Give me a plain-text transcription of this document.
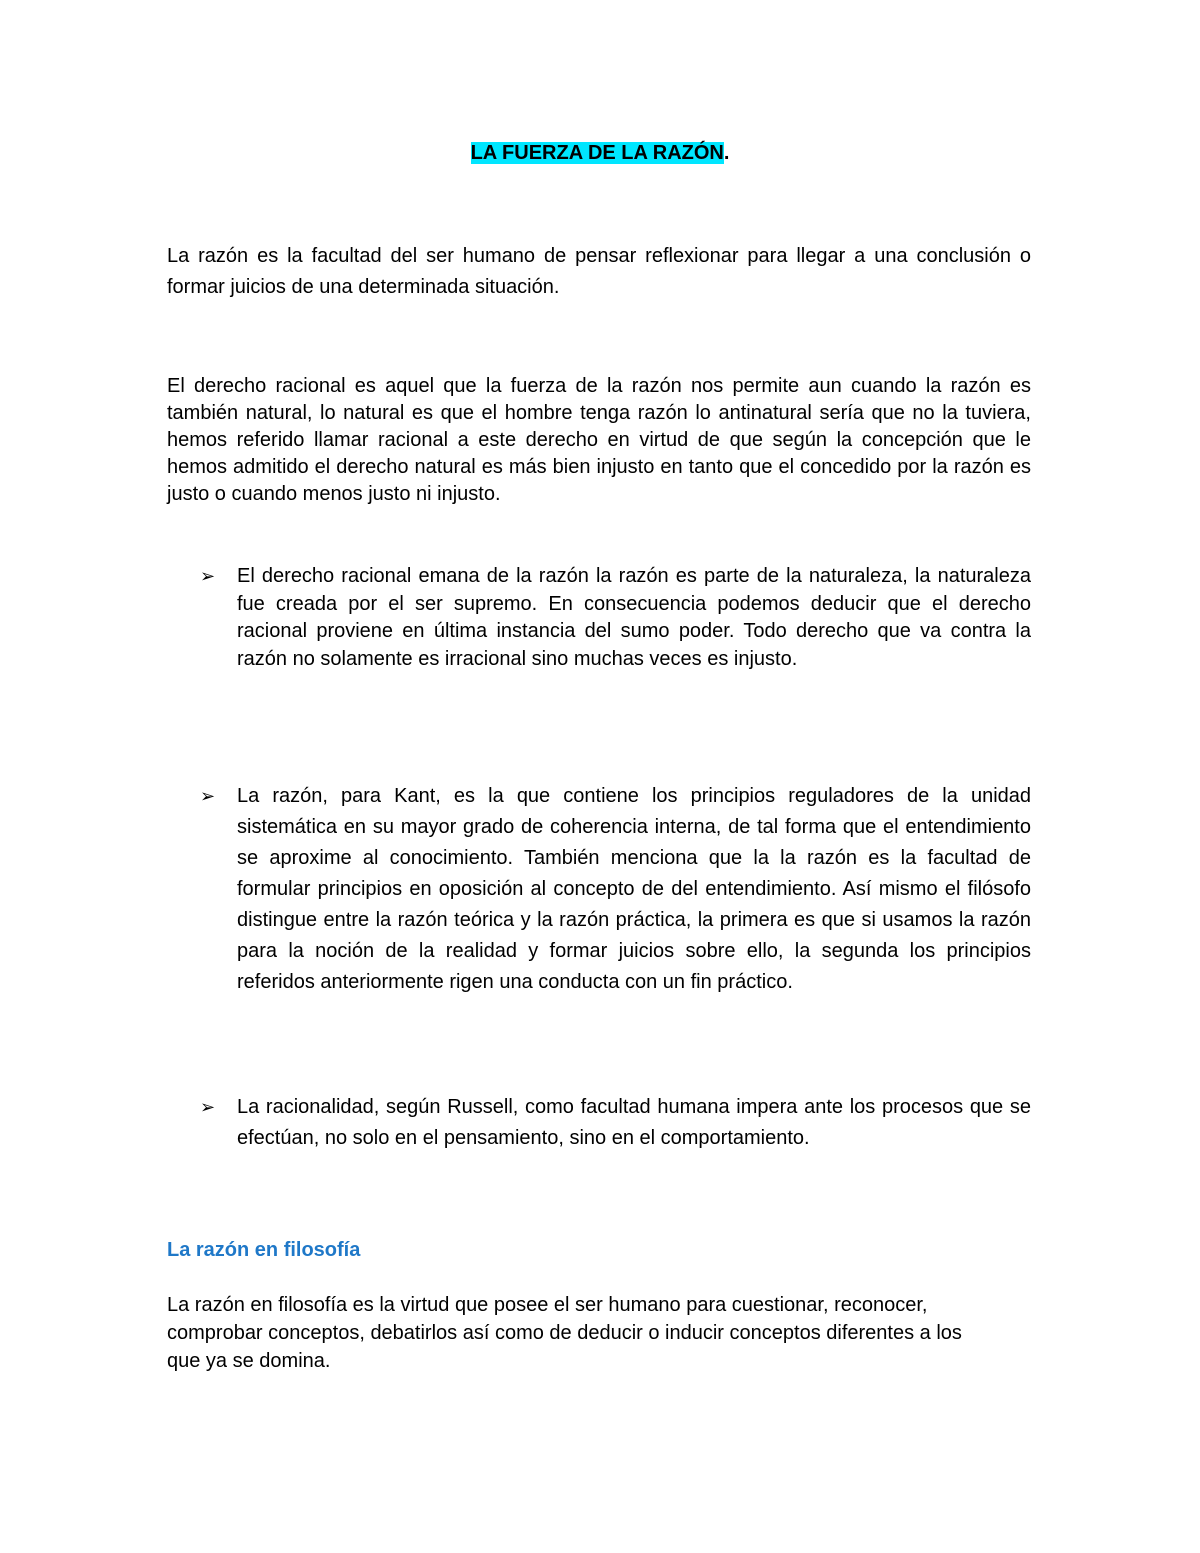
LA FUERZA DE LA RAZÓN.
La razón es la facultad del ser humano de pensar reflexionar para llegar a una conclusión o formar juicios de una determinada situación.
El derecho racional es aquel que la fuerza de la razón nos permite aun cuando la razón es también natural, lo natural es que el hombre tenga razón lo antinatural sería que no la tuviera, hemos referido llamar racional a este derecho en virtud de que según la concepción que le hemos admitido el derecho natural es más bien injusto en tanto que el concedido por la razón es justo o cuando menos justo ni injusto.
➢	El derecho racional emana de la razón la razón es parte de la naturaleza, la naturaleza fue creada por el ser supremo. En consecuencia podemos deducir que el derecho racional proviene en última instancia del sumo poder. Todo derecho que va contra la razón no solamente es irracional sino muchas veces es injusto.
➢	La razón, para Kant, es la que contiene los principios reguladores de la unidad sistemática en su mayor grado de coherencia interna, de tal forma que el entendimiento se aproxime al conocimiento. También menciona que la la razón es la facultad de formular principios en oposición al concepto de del entendimiento. Así mismo el filósofo distingue entre la razón teórica y la razón práctica, la primera es que si usamos la razón para la noción de la realidad y formar juicios sobre ello, la segunda los principios referidos anteriormente rigen una conducta con un fin práctico.
➢	La racionalidad, según Russell, como facultad humana impera ante los procesos que se efectúan, no solo en el pensamiento, sino en el comportamiento.
La razón en filosofía
La razón en filosofía es la virtud que posee el ser humano para cuestionar, reconocer, comprobar conceptos, debatirlos así como de deducir o inducir conceptos diferentes a los que ya se domina.
